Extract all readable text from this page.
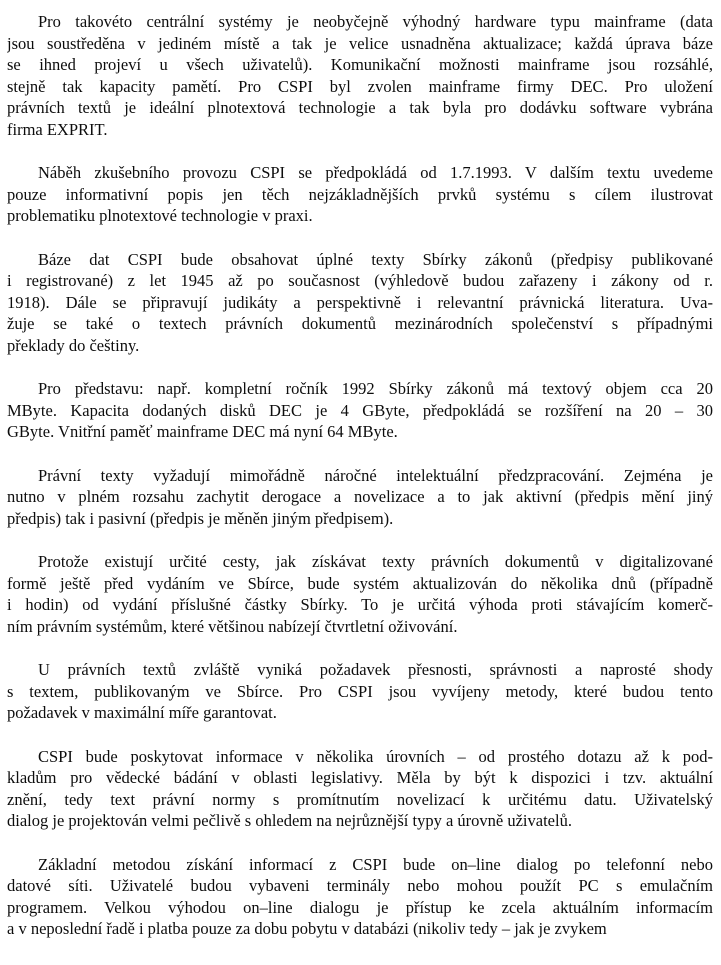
Pro takovéto centrální systémy je neobyčejně výhodný hardware typu mainframe (data
jsou soustředěna v jediném místě a tak je velice usnadněna aktualizace; každá úprava báze
se ihned projeví u všech uživatelů). Komunikační možnosti mainframe jsou rozsáhlé,
stejně tak kapacity pamětí. Pro CSPI byl zvolen mainframe firmy DEC. Pro uložení
právních textů je ideální plnotextová technologie a tak byla pro dodávku software vybrána
firma EXPRIT.

Náběh zkušebního provozu CSPI se předpokládá od 1.7.1993. V dalším textu uvedeme
pouze informativní popis jen těch nejzákladnějších prvků systému s cílem ilustrovat
problematiku plnotextové technologie v praxi.

Báze dat CSPI bude obsahovat úplné texty Sbírky zákonů (předpisy publikované
i registrované) z let 1945 až po současnost (výhledově budou zařazeny i zákony od r.
1918). Dále se připravují judikáty a perspektivně i relevantní právnická literatura. Uva-
žuje se také o textech právních dokumentů mezinárodních společenství s případnými
překlady do češtiny.

Pro představu: např. kompletní ročník 1992 Sbírky zákonů má textový objem cca 20
MByte. Kapacita dodaných disků DEC je 4 GByte, předpokládá se rozšíření na 20 – 30
GByte. Vnitřní paměť mainframe DEC má nyní 64 MByte.

Právní texty vyžadují mimořádně náročné intelektuální předzpracování. Zejména je
nutno v plném rozsahu zachytit derogace a novelizace a to jak aktivní (předpis mění jiný
předpis) tak i pasivní (předpis je měněn jiným předpisem).

Protože existují určité cesty, jak získávat texty právních dokumentů v digitalizované
formě ještě před vydáním ve Sbírce, bude systém aktualizován do několika dnů (případně
i hodin) od vydání příslušné částky Sbírky. To je určitá výhoda proti stávajícím komerč-
ním právním systémům, které většinou nabízejí čtvrtletní oživování.

U právních textů zvláště vyniká požadavek přesnosti, správnosti a naprosté shody
s textem, publikovaným ve Sbírce. Pro CSPI jsou vyvíjeny metody, které budou tento
požadavek v maximální míře garantovat.

CSPI bude poskytovat informace v několika úrovních – od prostého dotazu až k pod-
kladům pro vědecké bádání v oblasti legislativy. Měla by být k dispozici i tzv. aktuální
znění, tedy text právní normy s promítnutím novelizací k určitému datu. Uživatelský
dialog je projektován velmi pečlivě s ohledem na nejrůznější typy a úrovně uživatelů.

Základní metodou získání informací z CSPI bude on–line dialog po telefonní nebo
datové síti. Uživatelé budou vybaveni terminály nebo mohou použít PC s emulačním
programem. Velkou výhodou on–line dialogu je přístup ke zcela aktuálním informacím
a v neposlední řadě i platba pouze za dobu pobytu v databázi (nikoliv tedy – jak je zvykem
